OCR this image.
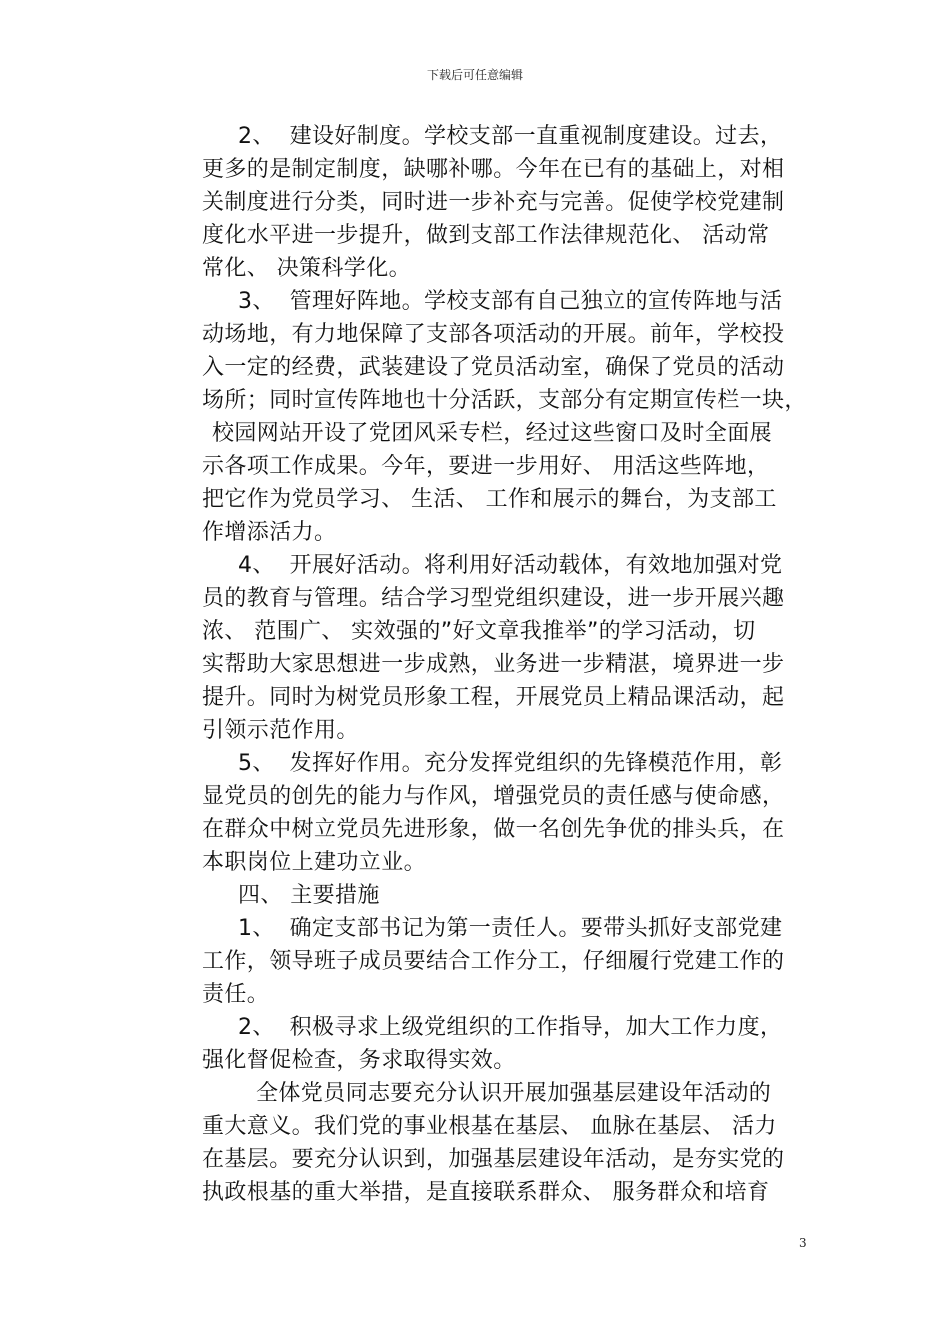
下载后可任意编辑
2、  建设好制度。学校支部一直重视制度建设。过去，
更多的是制定制度，缺哪补哪。今年在已有的基础上，对相
关制度进行分类，同时进一步补充与完善。促使学校党建制
度化水平进一步提升，做到支部工作法律规范化、 活动常
常化、 决策科学化。
3、  管理好阵地。学校支部有自己独立的宣传阵地与活
动场地，有力地保障了支部各项活动的开展。前年，学校投
入一定的经费，武装建设了党员活动室，确保了党员的活动
场所；同时宣传阵地也十分活跃，支部分有定期宣传栏一块，
校园网站开设了党团风采专栏，经过这些窗口及时全面展
示各项工作成果。今年，要进一步用好、 用活这些阵地，
把它作为党员学习、 生活、 工作和展示的舞台，为支部工
作增添活力。
4、  开展好活动。将利用好活动载体，有效地加强对党
员的教育与管理。结合学习型党组织建设，进一步开展兴趣
浓、 范围广、 实效强的”好文章我推举”的学习活动，切
实帮助大家思想进一步成熟，业务进一步精湛，境界进一步
提升。同时为树党员形象工程，开展党员上精品课活动，起
引领示范作用。
5、  发挥好作用。充分发挥党组织的先锋模范作用，彰
显党员的创先的能力与作风，增强党员的责任感与使命感，
在群众中树立党员先进形象，做一名创先争优的排头兵，在
本职岗位上建功立业。
四、 主要措施
1、  确定支部书记为第一责任人。要带头抓好支部党建
工作，领导班子成员要结合工作分工，仔细履行党建工作的
责任。
2、  积极寻求上级党组织的工作指导，加大工作力度，
强化督促检查，务求取得实效。
全体党员同志要充分认识开展加强基层建设年活动的
重大意义。我们党的事业根基在基层、 血脉在基层、 活力
在基层。要充分认识到，加强基层建设年活动，是夯实党的
执政根基的重大举措，是直接联系群众、 服务群众和培育
3
